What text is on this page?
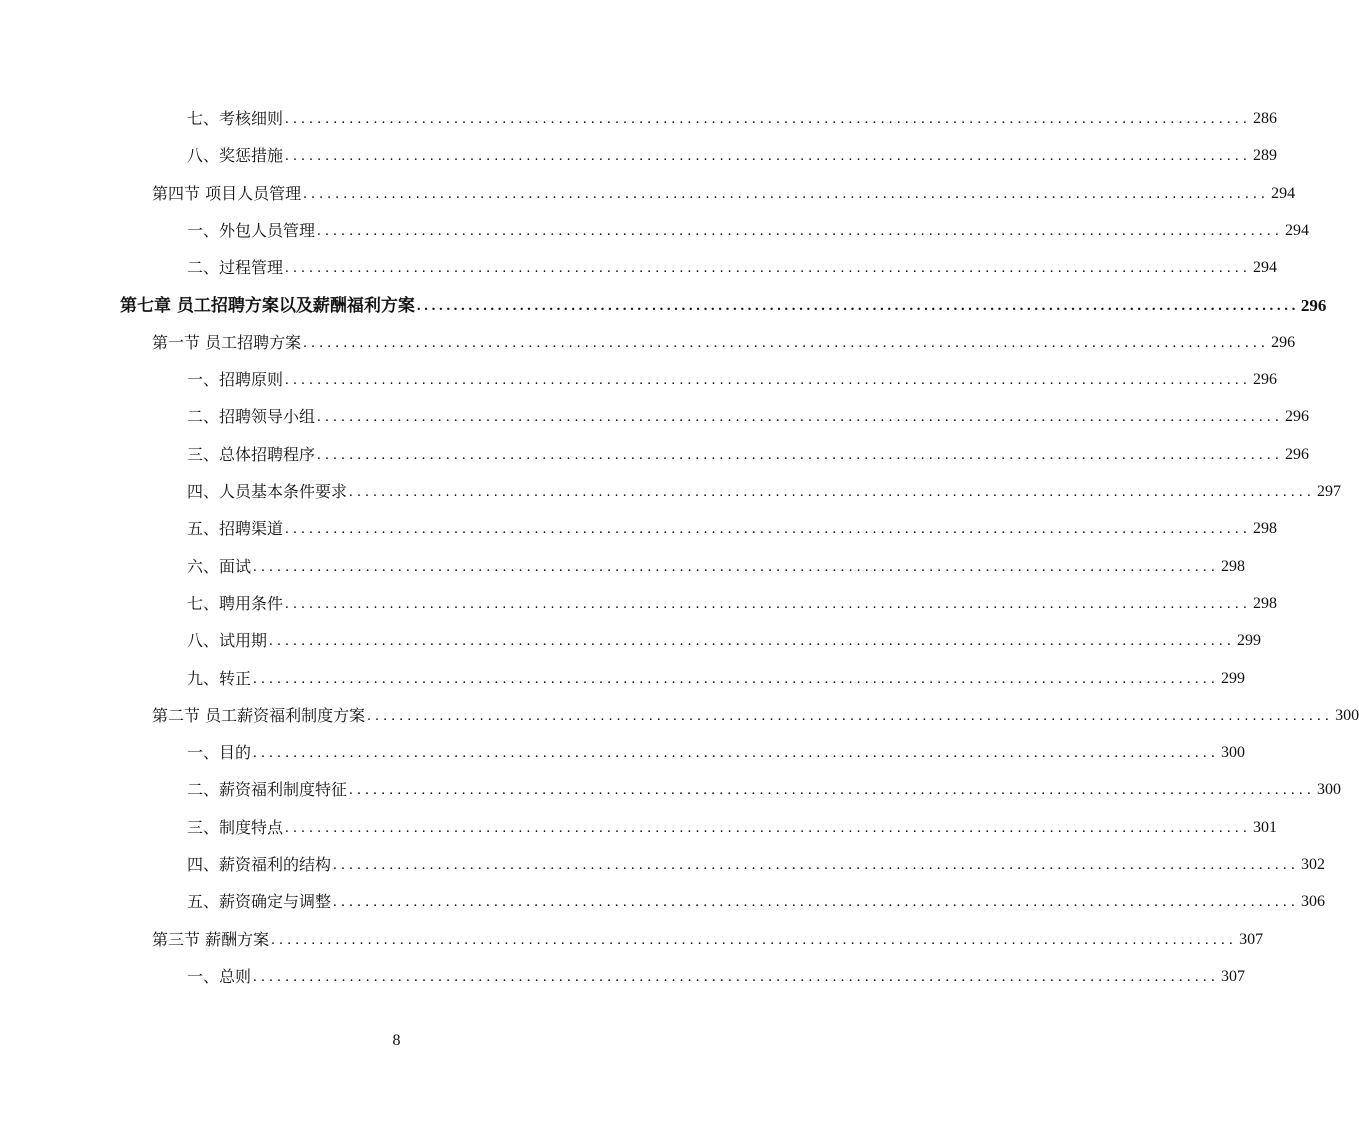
七、考核细则 ........................................................................................................................ 286
八、奖惩措施 ........................................................................................................................ 289
第四节 项目人员管理 ........................................................................................................................ 294
一、外包人员管理 ........................................................................................................................ 294
二、过程管理 ........................................................................................................................ 294
第七章 员工招聘方案以及薪酬福利方案 ........................................................................................................................ 296
第一节 员工招聘方案 ........................................................................................................................ 296
一、招聘原则 ........................................................................................................................ 296
二、招聘领导小组 ........................................................................................................................ 296
三、总体招聘程序 ........................................................................................................................ 296
四、人员基本条件要求 ........................................................................................................................ 297
五、招聘渠道 ........................................................................................................................ 298
六、面试 ........................................................................................................................ 298
七、聘用条件 ........................................................................................................................ 298
八、试用期 ........................................................................................................................ 299
九、转正 ........................................................................................................................ 299
第二节 员工薪资福利制度方案 ........................................................................................................................ 300
一、目的 ........................................................................................................................ 300
二、薪资福利制度特征 ........................................................................................................................ 300
三、制度特点 ........................................................................................................................ 301
四、薪资福利的结构 ........................................................................................................................ 302
五、薪资确定与调整 ........................................................................................................................ 306
第三节 薪酬方案 ........................................................................................................................ 307
一、总则 ........................................................................................................................ 307
8
